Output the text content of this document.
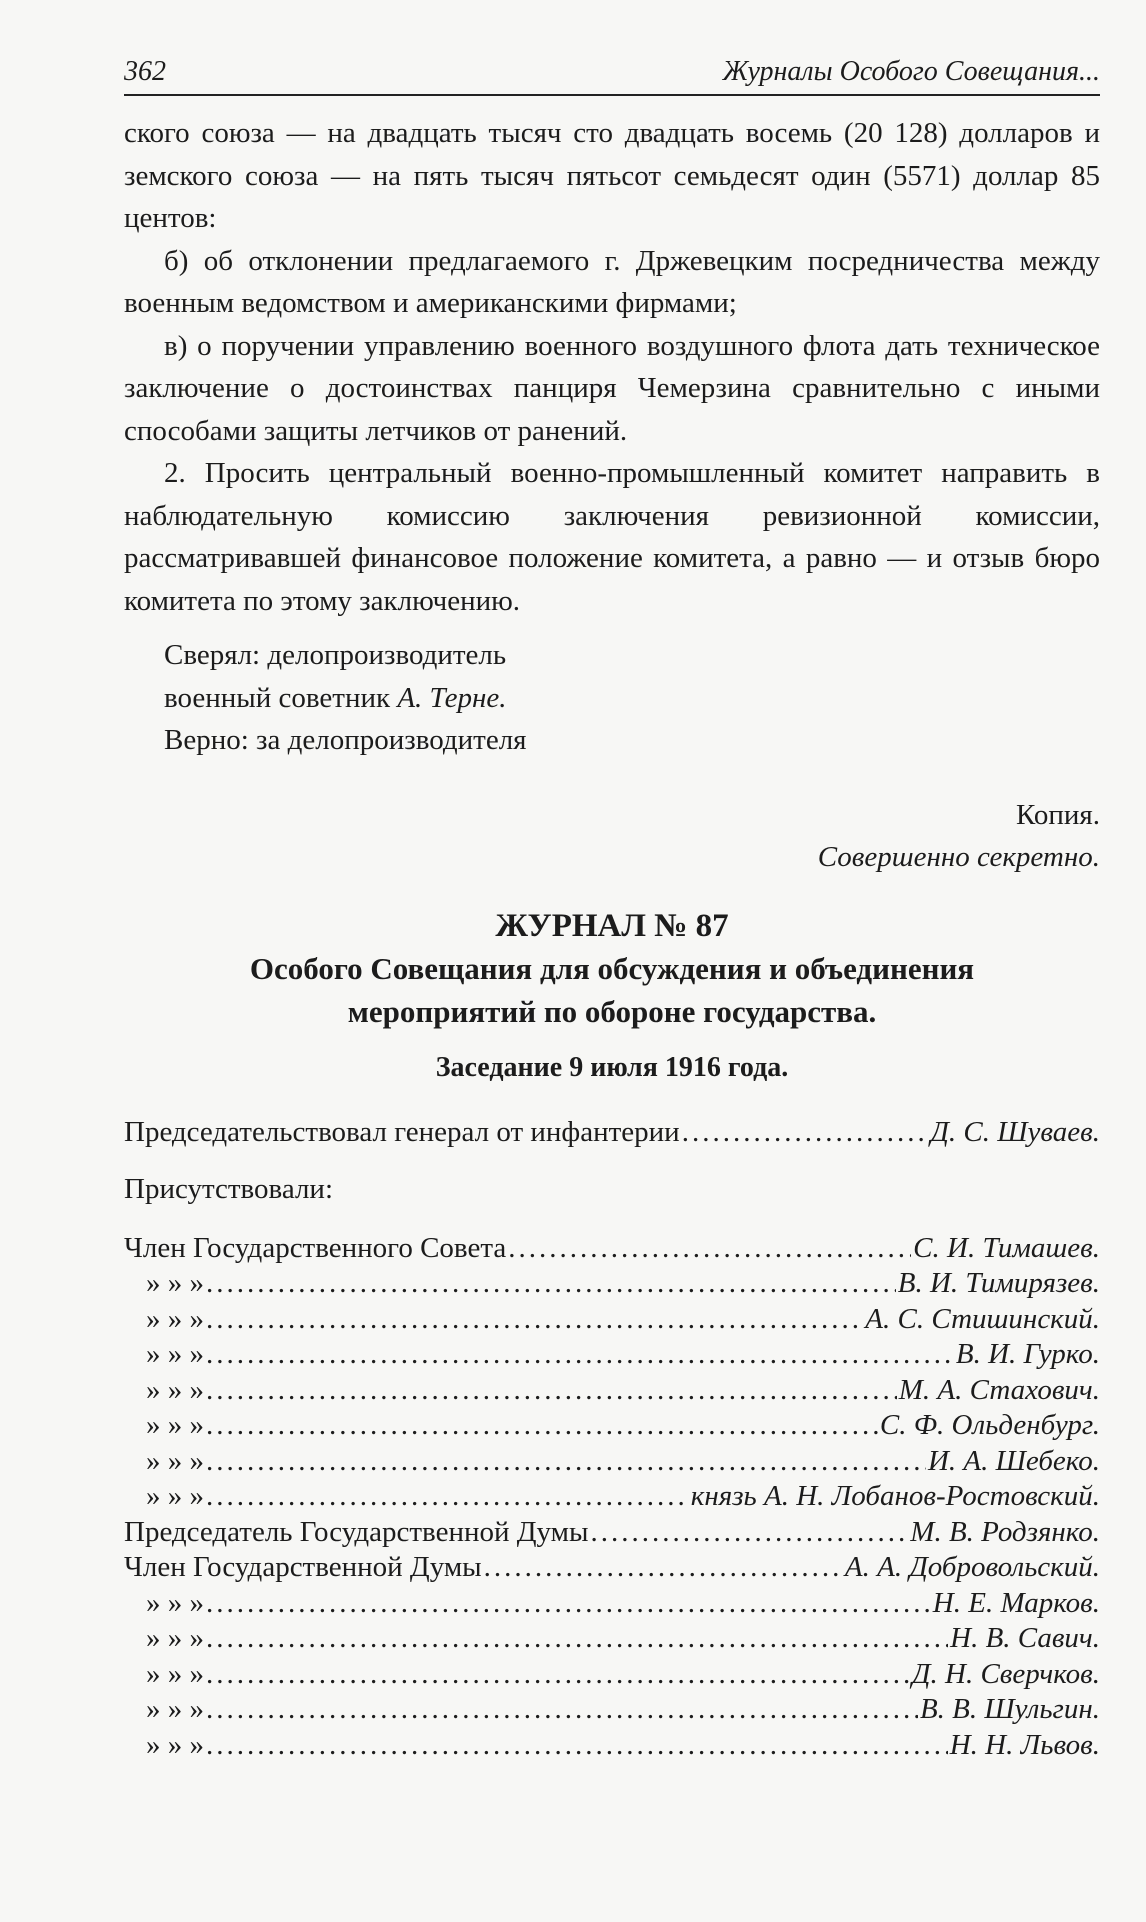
362	Журналы Особого Совещания...

ского союза — на двадцать тысяч сто двадцать восемь (20 128) долларов и земского союза — на пять тысяч пятьсот семьдесят один (5571) доллар 85 центов:

б) об отклонении предлагаемого г. Држевецким посредничества между военным ведомством и американскими фирмами;

в) о поручении управлению военного воздушного флота дать техническое заключение о достоинствах панциря Чемерзина сравнительно с иными способами защиты летчиков от ранений.

2. Просить центральный военно-промышленный комитет направить в наблюдательную комиссию заключения ревизионной комиссии, рассматривавшей финансовое положение комитета, а равно — и отзыв бюро комитета по этому заключению.

Сверял: делопроизводитель
военный советник А. Терне.
Верно: за делопроизводителя
Копия.
Совершенно секретно.
ЖУРНАЛ № 87
Особого Совещания для обсуждения и объединения
мероприятий по обороне государства.
Заседание 9 июля 1916 года.
Председательствовал генерал от инфантерии .....	Д. С. Шуваев.
Присутствовали:
Член Государственного Совета .....	С. И. Тимашев.
» » » .....	В. И. Тимирязев.
» » » .....	А. С. Стишинский.
» » » .....	В. И. Гурко.
» » » .....	М. А. Стахович.
» » » .....	С. Ф. Ольденбург.
» » » .....	И. А. Шебеко.
» » » .....	князь А. Н. Лобанов-Ростовский.
Председатель Государственной Думы .....	М. В. Родзянко.
Член Государственной Думы .....	А. А. Добровольский.
» » » .....	Н. Е. Марков.
» » » .....	Н. В. Савич.
» » » .....	Д. Н. Сверчков.
» » » .....	В. В. Шульгин.
» » » .....	Н. Н. Львов.
